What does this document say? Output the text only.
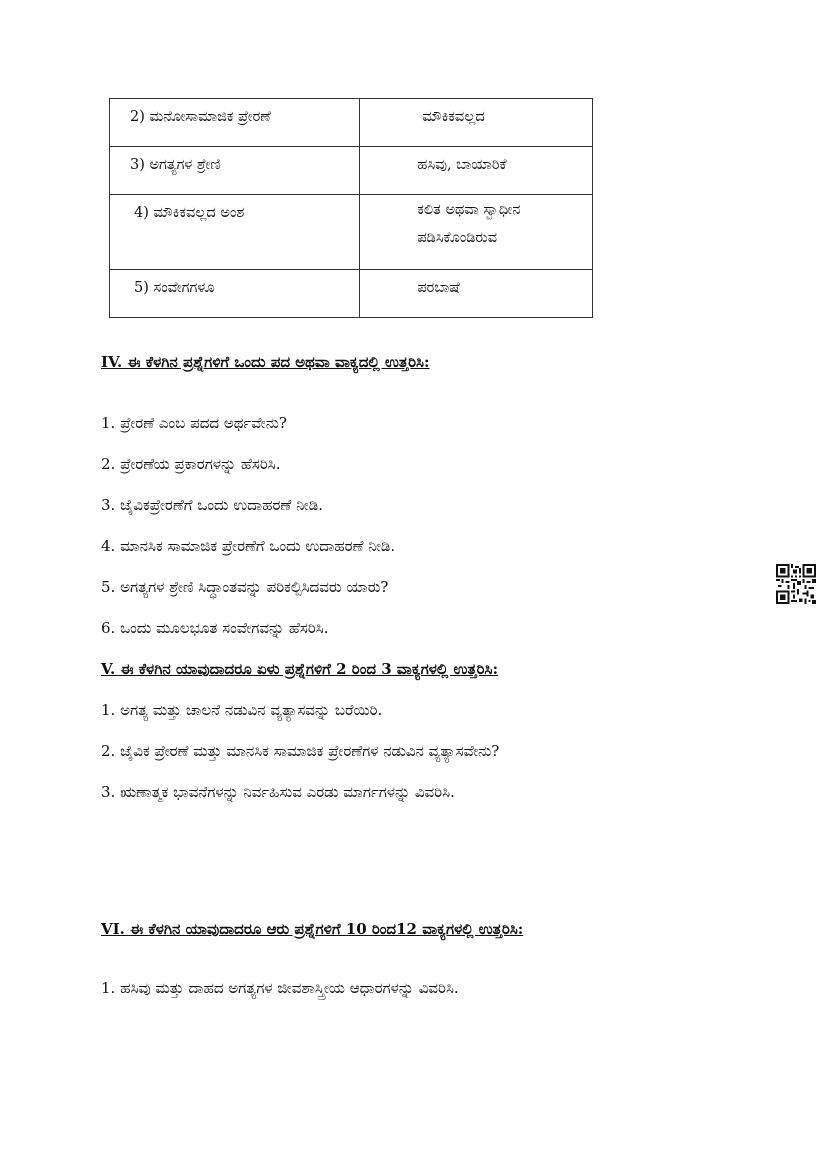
2) ಮನೋಸಾಮಾಜಿಕ ಪ್ರೇರಣೆ	ಮೌಕಿಕವಲ್ಲದ

3) ಅಗತ್ಯಗಳ ಶ್ರೇಣಿ	ಹಸಿವು, ಬಾಯಾರಿಕೆ

4) ಮೌಕಿಕವಲ್ಲದ ಅಂಶ	ಕಲಿತ ಅಥವಾ ಸ್ವಾಧೀನ
ಪಡಿಸಿಕೊಂಡಿರುವ

5) ಸಂವೇಗಗಳೂ	ಪರಬಾಷೆ

IV. ಈ ಕೆಳಗಿನ ಪ್ರಶ್ನೆಗಳಿಗೆ ಒಂದು ಪದ ಅಥವಾ ವಾಕ್ಯದಲ್ಲಿ ಉತ್ತರಿಸಿ:

1. ಪ್ರೇರಣೆ ಎಂಬ ಪದದ ಅರ್ಥವೇನು?

2. ಪ್ರೇರಣೆಯ ಪ್ರಕಾರಗಳನ್ನು ಹೆಸರಿಸಿ.

3. ಜೈವಿಕಪ್ರೇರಣೆಗೆ ಒಂದು ಉದಾಹರಣೆ ನೀಡಿ.

4. ಮಾನಸಿಕ ಸಾಮಾಜಿಕ ಪ್ರೇರಣೆಗೆ ಒಂದು ಉದಾಹರಣೆ ನೀಡಿ.

5. ಅಗತ್ಯಗಳ ಶ್ರೇಣಿ ಸಿದ್ಧಾಂತವನ್ನು ಪರಿಕಲ್ಪಿಸಿದವರು ಯಾರು?

6. ಒಂದು ಮೂಲಭೂತ ಸಂವೇಗವನ್ನು ಹೆಸರಿಸಿ.

V. ಈ ಕೆಳಗಿನ ಯಾವುದಾದರೂ ಏಳು ಪ್ರಶ್ನೆಗಳಿಗೆ 2 ರಿಂದ 3 ವಾಕ್ಯಗಳಲ್ಲಿ ಉತ್ತರಿಸಿ:

1. ಅಗತ್ಯ ಮತ್ತು ಚಾಲನೆ ನಡುವಿನ ವ್ಯತ್ಯಾಸವನ್ನು ಬರೆಯಿರಿ.

2. ಜೈವಿಕ ಪ್ರೇರಣೆ ಮತ್ತು ಮಾನಸಿಕ ಸಾಮಾಜಿಕ ಪ್ರೇರಣೆಗಳ ನಡುವಿನ ವ್ಯತ್ಯಾಸವೇನು?

3. ಋಣಾತ್ಮಕ ಭಾವನೆಗಳನ್ನು ನಿರ್ವಹಿಸುವ ಎರಡು ಮಾರ್ಗಗಳನ್ನು ವಿವರಿಸಿ.

VI. ಈ ಕೆಳಗಿನ ಯಾವುದಾದರೂ ಆರು ಪ್ರಶ್ನೆಗಳಿಗೆ 10 ರಿಂದ12 ವಾಕ್ಯಗಳಲ್ಲಿ ಉತ್ತರಿಸಿ:

1. ಹಸಿವು ಮತ್ತು ದಾಹದ ಅಗತ್ಯಗಳ ಜೀವಶಾಸ್ತ್ರೀಯ ಆಧಾರಗಳನ್ನು ವಿವರಿಸಿ.
